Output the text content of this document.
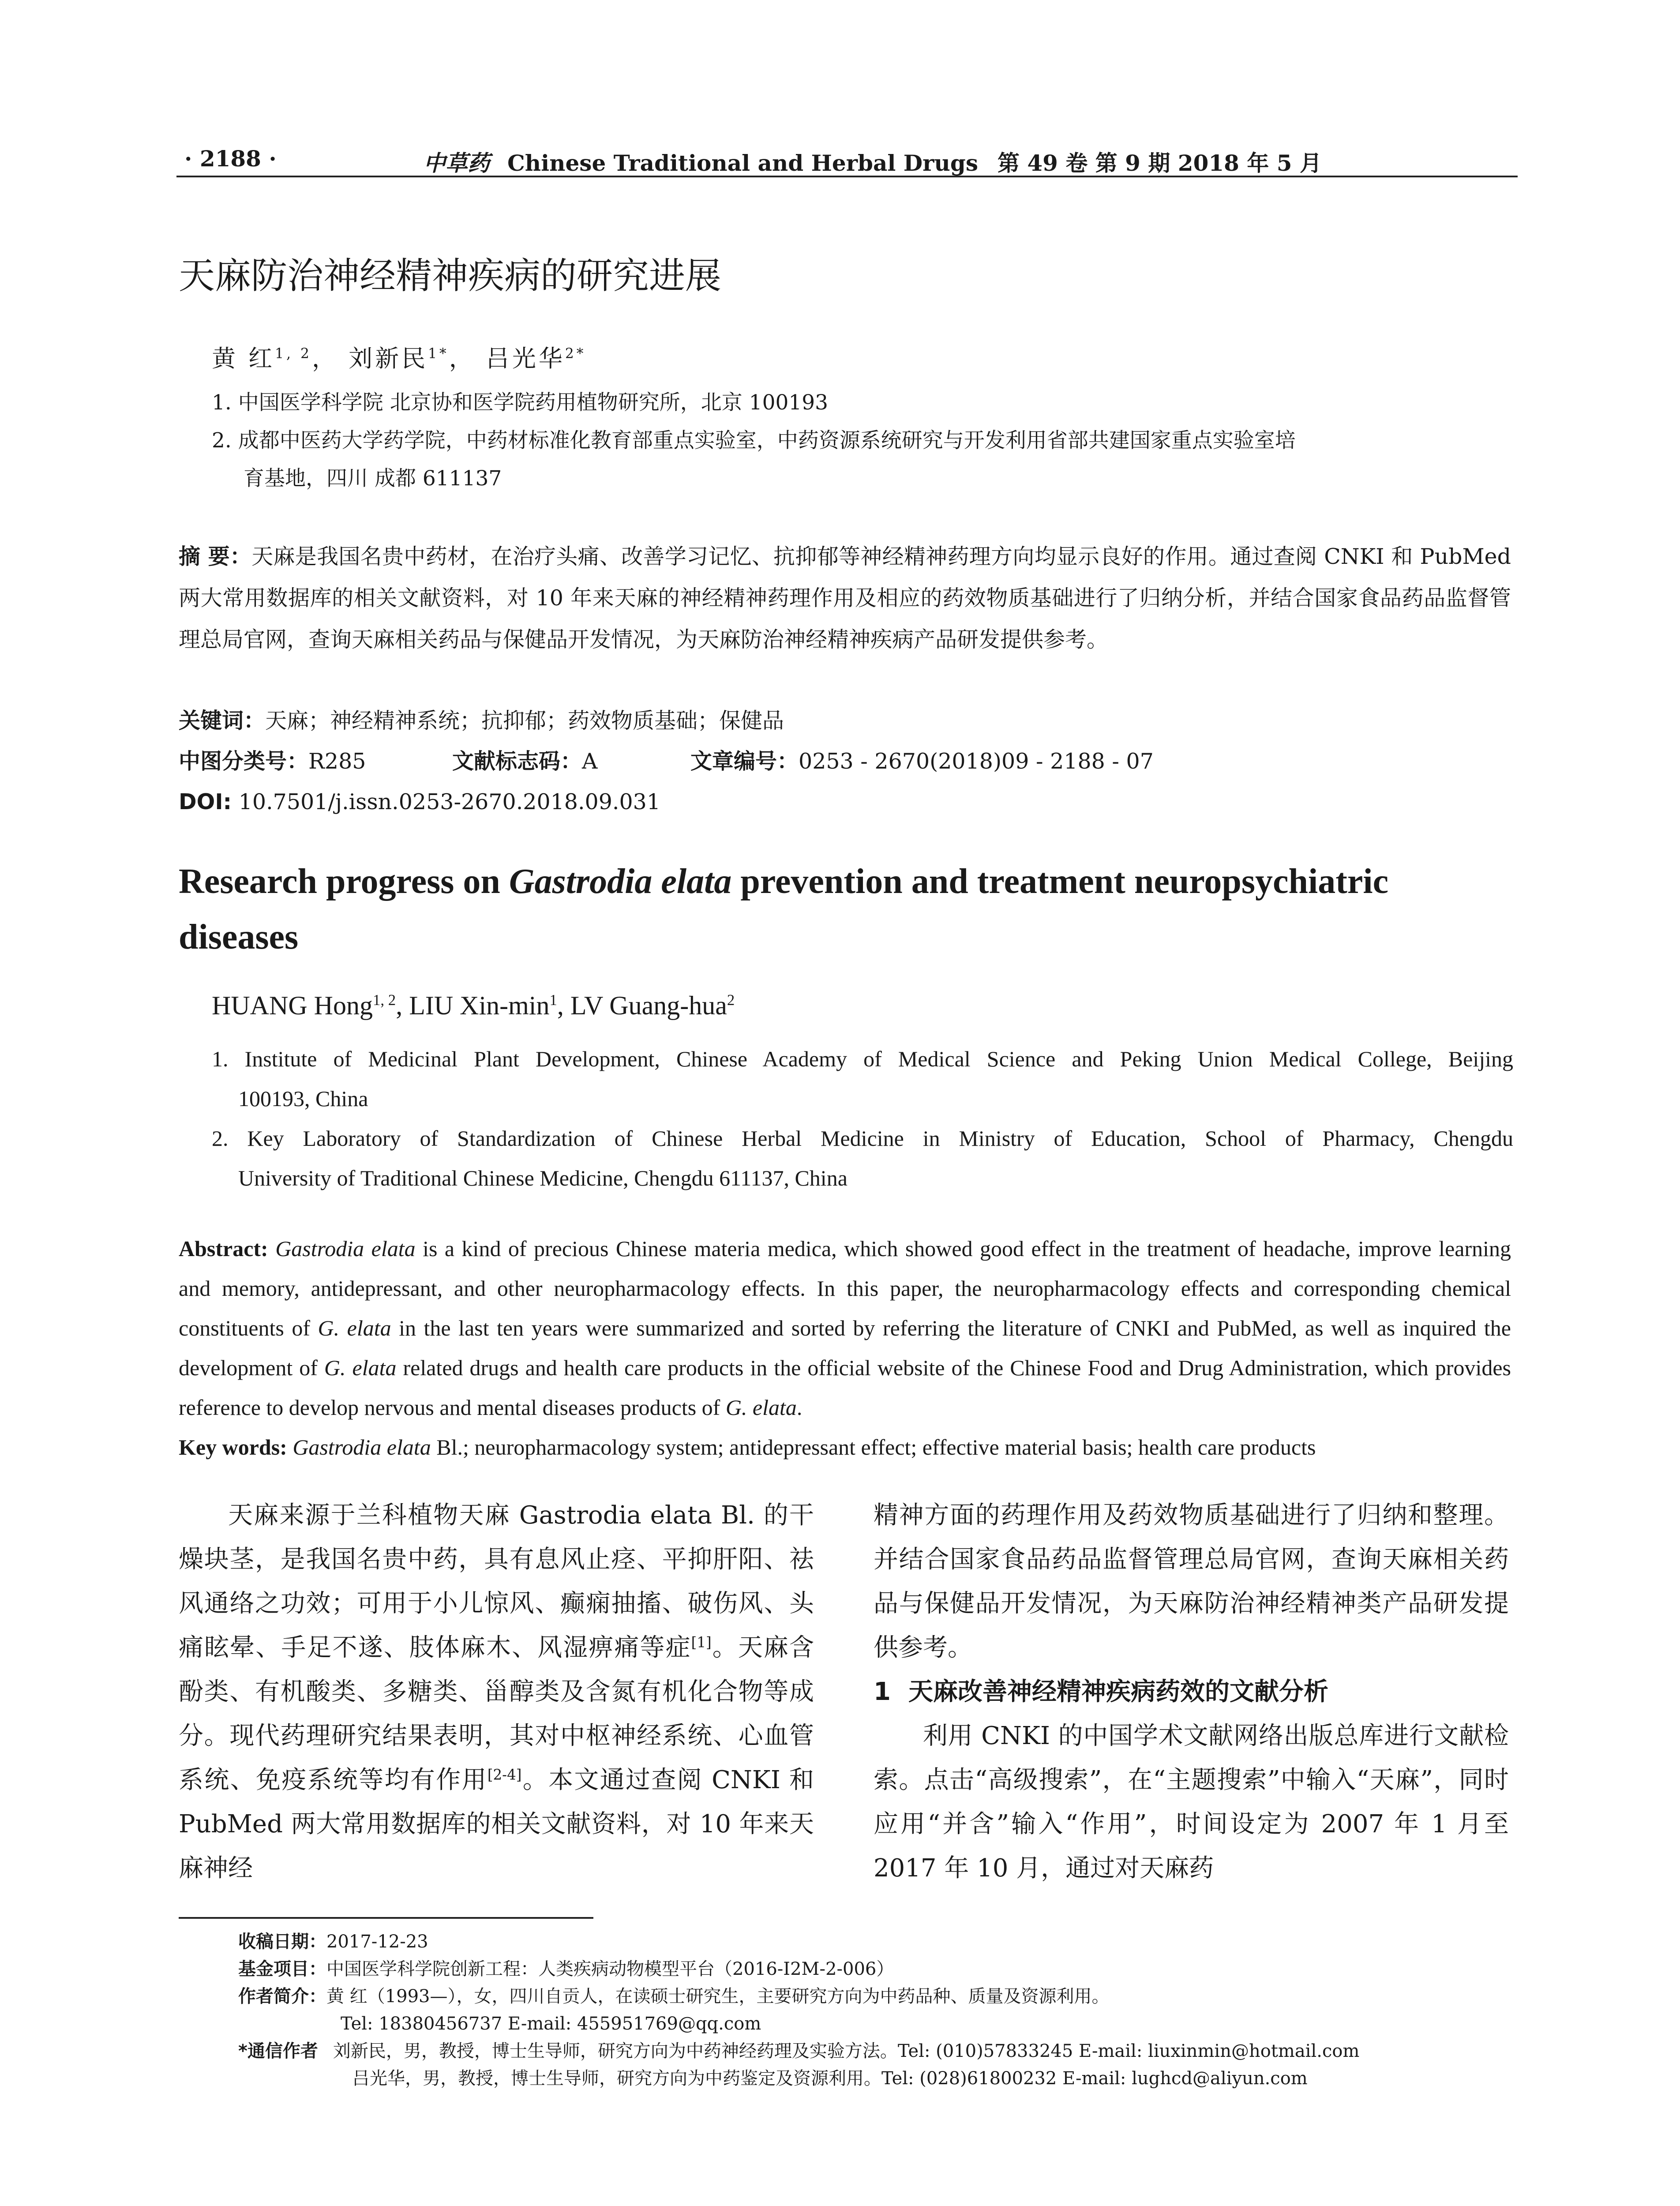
· 2188 ·	中草药 Chinese Traditional and Herbal Drugs 第 49 卷 第 9 期 2018 年 5 月
天麻防治神经精神疾病的研究进展
黄 红$^{1, 2}$， 刘新民$^{1*}$， 吕光华$^{2*}$
1. 中国医学科学院 北京协和医学院药用植物研究所，北京 100193
2. 成都中医药大学药学院，中药材标准化教育部重点实验室，中药资源系统研究与开发利用省部共建国家重点实验室培
育基地，四川 成都 611137
摘 要：天麻是我国名贵中药材，在治疗头痛、改善学习记忆、抗抑郁等神经精神药理方向均显示良好的作用。通过查阅 CNKI 和 PubMed 两大常用数据库的相关文献资料，对 10 年来天麻的神经精神药理作用及相应的药效物质基础进行了归纳分析，并结合国家食品药品监督管理总局官网，查询天麻相关药品与保健品开发情况，为天麻防治神经精神疾病产品研发提供参考。
关键词：天麻；神经精神系统；抗抑郁；药效物质基础；保健品
中图分类号：R285	文献标志码：A	文章编号：0253 - 2670(2018)09 - 2188 - 07
DOI: 10.7501/j.issn.0253-2670.2018.09.031
Research progress on Gastrodia elata prevention and treatment neuropsychiatric diseases
HUANG Hong$^{1, 2}$, LIU Xin-$\min^1$, LV Guang-hua$^2$
1. Institute of Medicinal Plant Development, Chinese Academy of Medical Science and Peking Union Medical College, Beijing
100193, China
2. Key Laboratory of Standardization of Chinese Herbal Medicine in Ministry of Education, School of Pharmacy, Chengdu
University of Traditional Chinese Medicine, Chengdu 611137, China
Abstract: Gastrodia elata is a kind of precious Chinese materia medica, which showed good effect in the treatment of headache, improve learning and memory, antidepressant, and other neuropharmacology effects. In this paper, the neuropharmacology effects and corresponding chemical constituents of G. elata in the last ten years were summarized and sorted by referring the literature of CNKI and PubMed, as well as inquired the development of G. elata related drugs and health care products in the official website of the Chinese Food and Drug Administration, which provides reference to develop nervous and mental diseases products of G. elata.
Key words: Gastrodia elata Bl.; neuropharmacology system; antidepressant effect; effective material basis; health care products
天麻来源于兰科植物天麻 Gastrodia elata Bl. 的干燥块茎，是我国名贵中药，具有息风止痉、平抑肝阳、祛风通络之功效；可用于小儿惊风、癫痫抽搐、破伤风、头痛眩晕、手足不遂、肢体麻木、风湿痹痛等症[1]。天麻含酚类、有机酸类、多糖类、甾醇类及含氮有机化合物等成分。现代药理研究结果表明，其对中枢神经系统、心血管系统、免疫系统等均有作用[2-4]。本文通过查阅 CNKI 和 PubMed 两大常用数据库的相关文献资料，对 10 年来天麻神经
精神方面的药理作用及药效物质基础进行了归纳和整理。并结合国家食品药品监督管理总局官网，查询天麻相关药品与保健品开发情况，为天麻防治神经精神类产品研发提供参考。
1 天麻改善神经精神疾病药效的文献分析
利用 CNKI 的中国学术文献网络出版总库进行文献检索。点击“高级搜索”，在“主题搜索”中输入“天麻”，同时应用“并含”输入“作用”，时间设定为 2007 年 1 月至 2017 年 10 月，通过对天麻药
收稿日期：2017-12-23
基金项目：中国医学科学院创新工程：人类疾病动物模型平台（2016-I2M-2-006）
作者简介：黄 红（1993—），女，四川自贡人，在读硕士研究生，主要研究方向为中药品种、质量及资源利用。
Tel: 18380456737 E-mail: 455951769@qq.com
*通信作者 刘新民，男，教授，博士生导师，研究方向为中药神经药理及实验方法。Tel: (010)57833245 E-mail: liuxinmin@hotmail.com
吕光华，男，教授，博士生导师，研究方向为中药鉴定及资源利用。Tel: (028)61800232 E-mail: lughcd@aliyun.com
